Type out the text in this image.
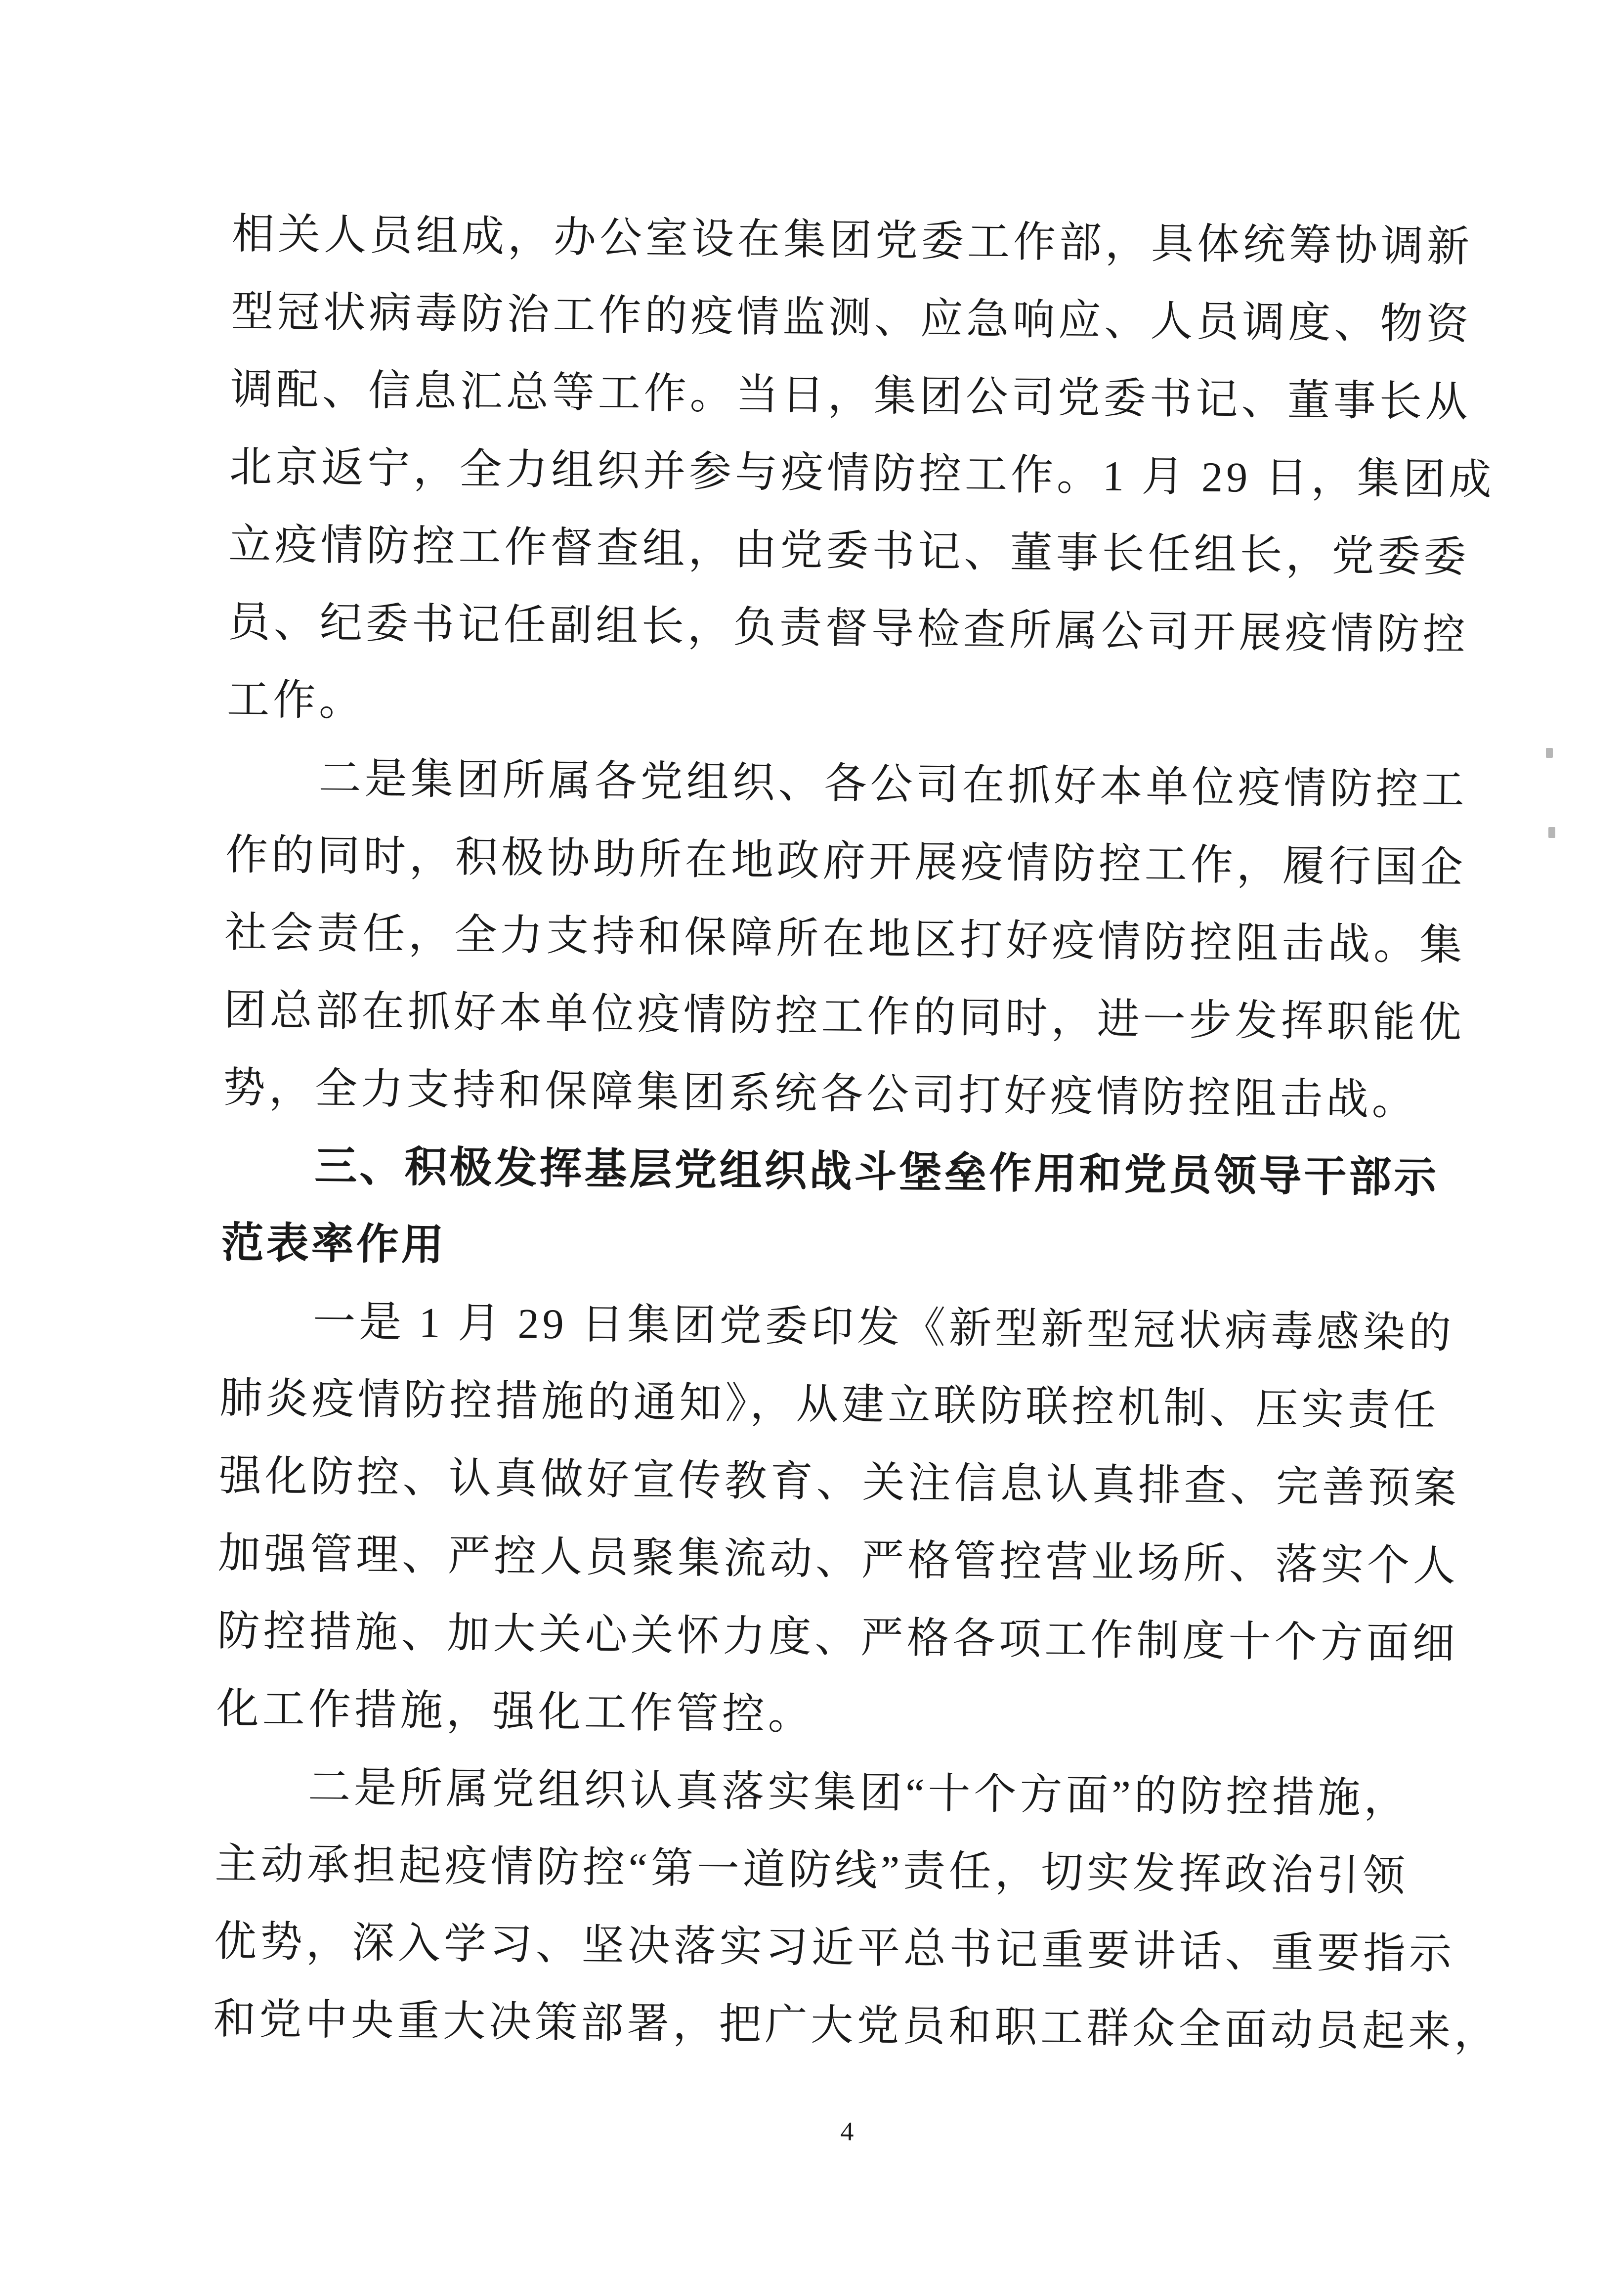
相关人员组成，办公室设在集团党委工作部，具体统筹协调新
型冠状病毒防治工作的疫情监测、应急响应、人员调度、物资
调配、信息汇总等工作。当日，集团公司党委书记、董事长从
北京返宁，全力组织并参与疫情防控工作。1 月 29 日，集团成
立疫情防控工作督查组，由党委书记、董事长任组长，党委委
员、纪委书记任副组长，负责督导检查所属公司开展疫情防控
工作。
二是集团所属各党组织、各公司在抓好本单位疫情防控工
作的同时，积极协助所在地政府开展疫情防控工作，履行国企
社会责任，全力支持和保障所在地区打好疫情防控阻击战。集
团总部在抓好本单位疫情防控工作的同时，进一步发挥职能优
势，全力支持和保障集团系统各公司打好疫情防控阻击战。
三、积极发挥基层党组织战斗堡垒作用和党员领导干部示
范表率作用
一是 1 月 29 日集团党委印发《新型新型冠状病毒感染的
肺炎疫情防控措施的通知》，从建立联防联控机制、压实责任
强化防控、认真做好宣传教育、关注信息认真排查、完善预案
加强管理、严控人员聚集流动、严格管控营业场所、落实个人
防控措施、加大关心关怀力度、严格各项工作制度十个方面细
化工作措施，强化工作管控。
二是所属党组织认真落实集团“十个方面”的防控措施，
主动承担起疫情防控“第一道防线”责任，切实发挥政治引领
优势，深入学习、坚决落实习近平总书记重要讲话、重要指示
和党中央重大决策部署，把广大党员和职工群众全面动员起来，
4
